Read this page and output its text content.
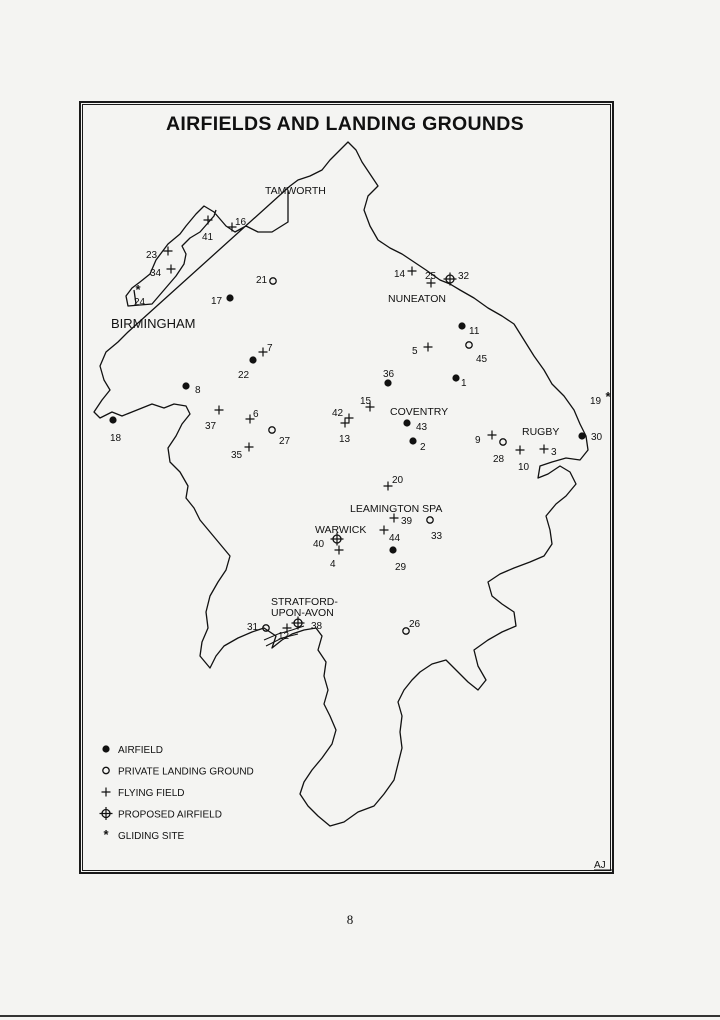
AIRFIELDS AND LANDING GROUNDS
*
*
1
2	3
4
5
6
7
8
9
10
11
12
13
14
15
16
17
18
19
20
21
22
23
24
25
26
27
28
29
30
31
32
33
34
35
36
37
38
39
40
41
42
43
44
45
TAMWORTH
NUNEATON
BIRMINGHAM
COVENTRY
RUGBY
LEAMINGTON SPA
WARWICK
STRATFORD-
UPON-AVON
AIRFIELD
PRIVATE LANDING GROUND
FLYING FIELD
PROPOSED AIRFIELD
* GLIDING SITE
AJ
8
